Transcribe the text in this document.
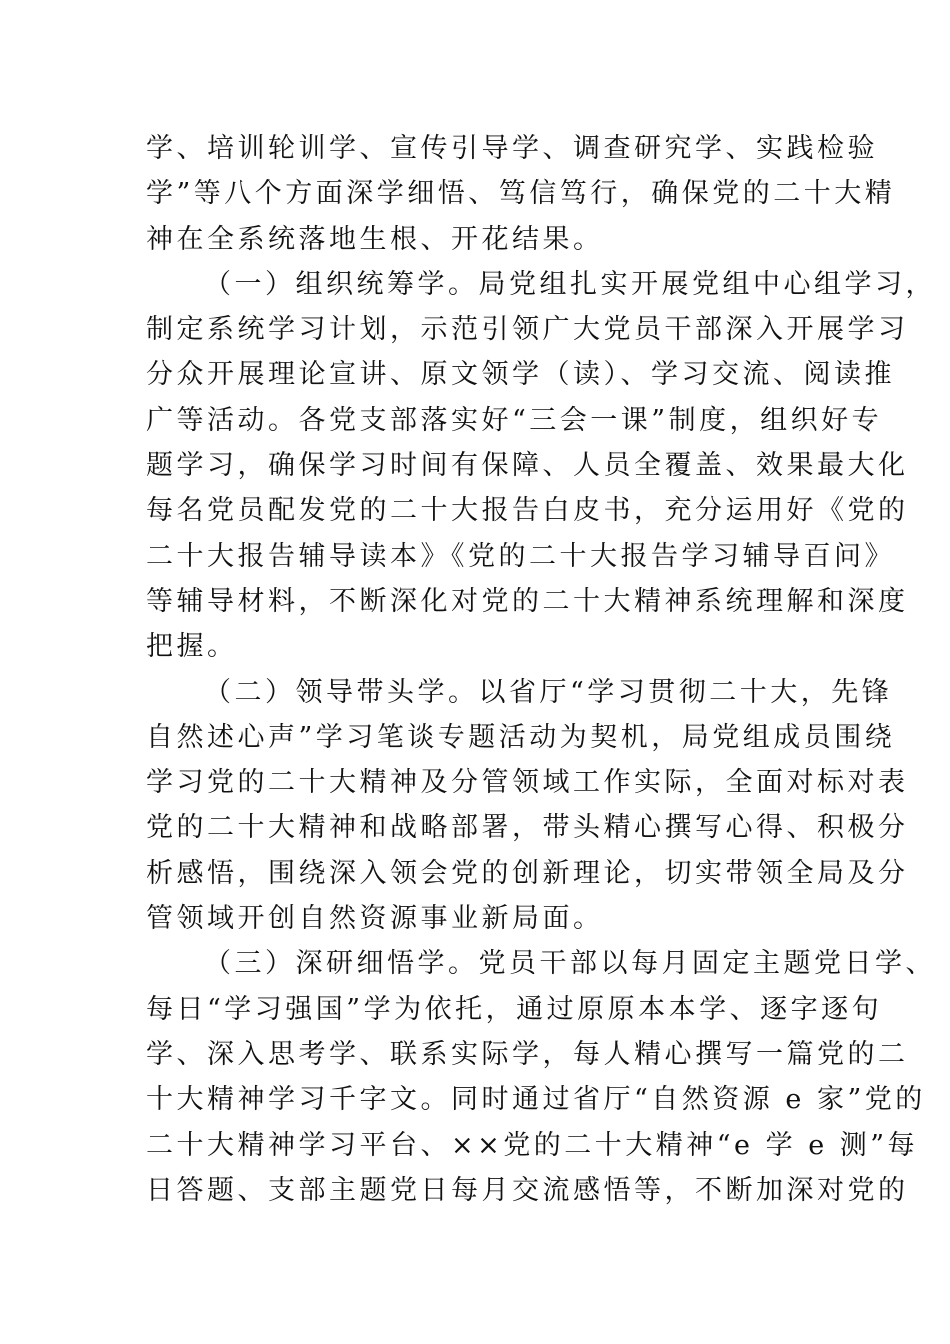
学、培训轮训学、宣传引导学、调查研究学、实践检验
学”等八个方面深学细悟、笃信笃行，确保党的二十大精
神在全系统落地生根、开花结果。
（一）组织统筹学。局党组扎实开展党组中心组学习，
制定系统学习计划，示范引领广大党员干部深入开展学习
分众开展理论宣讲、原文领学（读）、学习交流、阅读推
广等活动。各党支部落实好“三会一课”制度，组织好专
题学习，确保学习时间有保障、人员全覆盖、效果最大化
每名党员配发党的二十大报告白皮书，充分运用好《党的
二十大报告辅导读本》《党的二十大报告学习辅导百问》
等辅导材料，不断深化对党的二十大精神系统理解和深度
把握。
（二）领导带头学。以省厅“学习贯彻二十大，先锋
自然述心声”学习笔谈专题活动为契机，局党组成员围绕
学习党的二十大精神及分管领域工作实际，全面对标对表
党的二十大精神和战略部署，带头精心撰写心得、积极分
析感悟，围绕深入领会党的创新理论，切实带领全局及分
管领域开创自然资源事业新局面。
（三）深研细悟学。党员干部以每月固定主题党日学、
每日“学习强国”学为依托，通过原原本本学、逐字逐句
学、深入思考学、联系实际学，每人精心撰写一篇党的二
十大精神学习千字文。同时通过省厅“自然资源 e 家”党的
二十大精神学习平台、××党的二十大精神“e 学 e 测”每
日答题、支部主题党日每月交流感悟等，不断加深对党的
